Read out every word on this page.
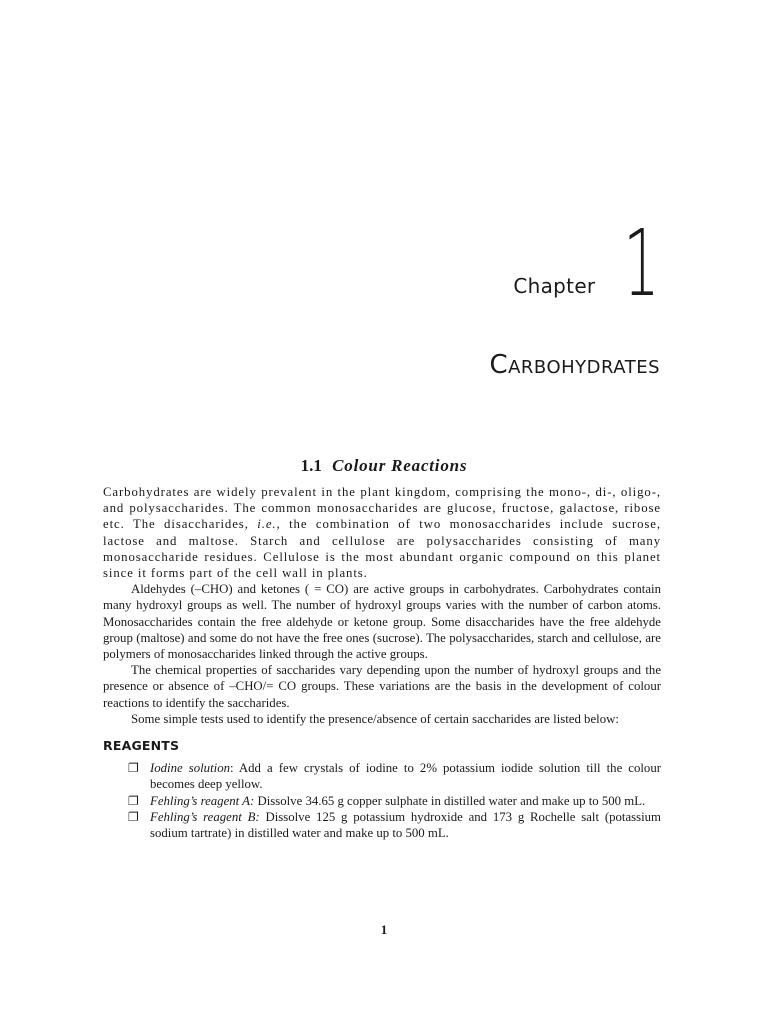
Chapter 1
Carbohydrates
1.1 Colour Reactions

Carbohydrates are widely prevalent in the plant kingdom, comprising the mono-, di-, oligo-, and polysaccharides. The common monosaccharides are glucose, fructose, galactose, ribose etc. The disaccharides, i.e., the combination of two monosaccharides include sucrose, lactose and maltose. Starch and cellulose are polysaccharides consisting of many monosaccharide residues. Cellulose is the most abundant organic compound on this planet since it forms part of the cell wall in plants.

Aldehydes (–CHO) and ketones ( = CO) are active groups in carbohydrates. Carbohydrates contain many hydroxyl groups as well. The number of hydroxyl groups varies with the number of carbon atoms. Monosaccharides contain the free aldehyde or ketone group. Some disaccharides have the free aldehyde group (maltose) and some do not have the free ones (sucrose). The polysaccharides, starch and cellulose, are polymers of monosaccharides linked through the active groups.

The chemical properties of saccharides vary depending upon the number of hydroxyl groups and the presence or absence of –CHO/= CO groups. These variations are the basis in the development of colour reactions to identify the saccharides.

Some simple tests used to identify the presence/absence of certain saccharides are listed below:

REAGENTS
❐ Iodine solution: Add a few crystals of iodine to 2% potassium iodide solution till the colour becomes deep yellow.
❐ Fehling’s reagent A: Dissolve 34.65 g copper sulphate in distilled water and make up to 500 mL.
❐ Fehling’s reagent B: Dissolve 125 g potassium hydroxide and 173 g Rochelle salt (potassium sodium tartrate) in distilled water and make up to 500 mL.
1
